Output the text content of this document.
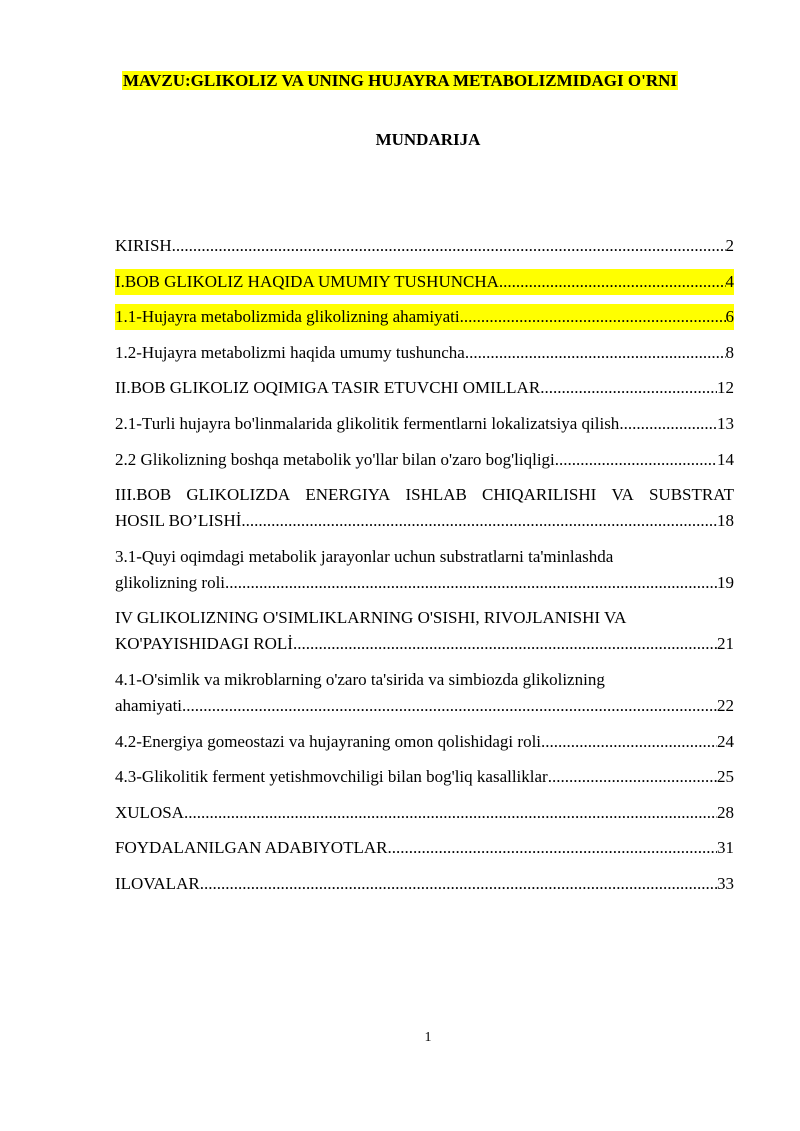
MAVZU:GLIKOLIZ VA UNING HUJAYRA METABOLIZMIDAGI O'RNI
MUNDARIJA
KIRISH .....	2
I.BOB GLIKOLIZ HAQIDA UMUMIY TUSHUNCHA .....	4
1.1-Hujayra metabolizmida glikolizning ahamiyati .....	6
1.2-Hujayra metabolizmi haqida umumy tushuncha .....	8
II.BOB GLIKOLIZ OQIMIGA TASIR ETUVCHI OMILLAR .....	12
2.1-Turli hujayra bo'linmalarida glikolitik fermentlarni lokalizatsiya qilish .....	13
2.2 Glikolizning boshqa metabolik yo'llar bilan o'zaro bog'liqligi .....	14
III.BOB GLIKOLIZDA ENERGIYA ISHLAB CHIQARILISHI VA SUBSTRAT
HOSIL BO’LISHİ .....	18
3.1-Quyi oqimdagi metabolik jarayonlar uchun substratlarni ta'minlashda
glikolizning roli .....	19
IV GLIKOLIZNING O'SIMLIKLARNING O'SISHI, RIVOJLANISHI VA
KO'PAYISHIDAGI ROLİ .....	21
4.1-O'simlik va mikroblarning o'zaro ta'sirida va simbiozda glikolizning
ahamiyati .....	22
4.2-Energiya gomeostazi va hujayraning omon qolishidagi roli .....	24
4.3-Glikolitik ferment yetishmovchiligi bilan bog'liq kasalliklar .....	25
XULOSA .....	28
FOYDALANILGAN ADABIYOTLAR .....	31
ILOVALAR .....	33
1
